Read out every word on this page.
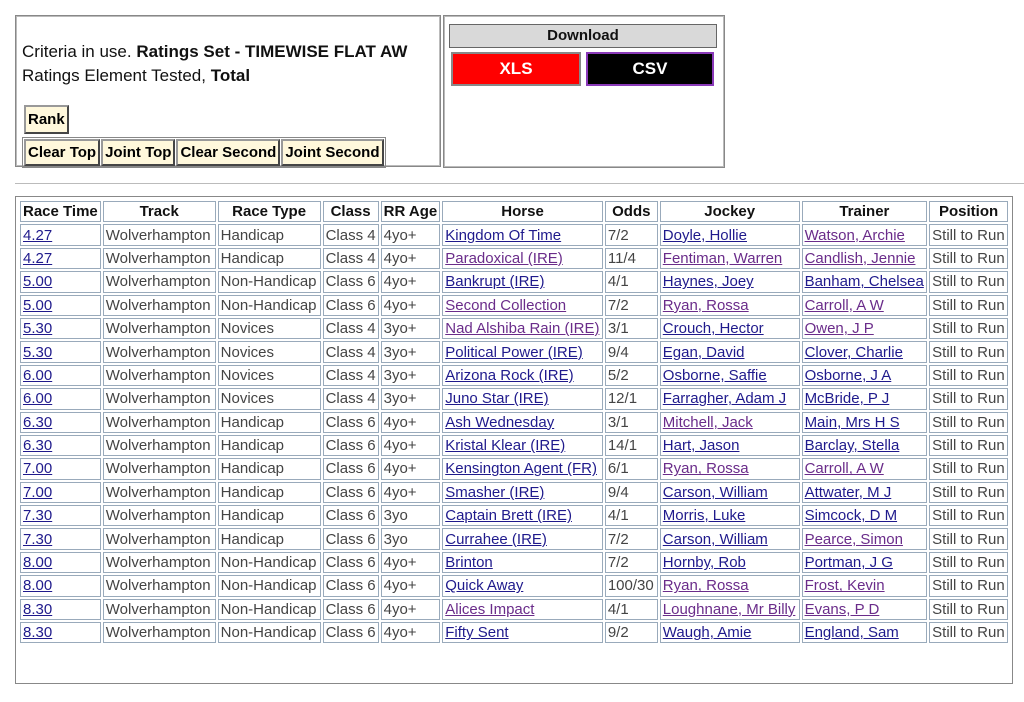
Criteria in use. Ratings Set - TIMEWISE FLAT AW
Ratings Element Tested, Total
Rank
Clear Top Joint Top Clear Second Joint Second
Download
XLS	CSV
Race Time	Track	Race Type	Class	RR Age	Horse	Odds	Jockey	Trainer	Position
4.27	Wolverhampton	Handicap	Class 4	4yo+	Kingdom Of Time	7/2	Doyle, Hollie	Watson, Archie	Still to Run
4.27	Wolverhampton	Handicap	Class 4	4yo+	Paradoxical (IRE)	11/4	Fentiman, Warren	Candlish, Jennie	Still to Run
5.00	Wolverhampton	Non-Handicap	Class 6	4yo+	Bankrupt (IRE)	4/1	Haynes, Joey	Banham, Chelsea	Still to Run
5.00	Wolverhampton	Non-Handicap	Class 6	4yo+	Second Collection	7/2	Ryan, Rossa	Carroll, A W	Still to Run
5.30	Wolverhampton	Novices	Class 4	3yo+	Nad Alshiba Rain (IRE)	3/1	Crouch, Hector	Owen, J P	Still to Run
5.30	Wolverhampton	Novices	Class 4	3yo+	Political Power (IRE)	9/4	Egan, David	Clover, Charlie	Still to Run
6.00	Wolverhampton	Novices	Class 4	3yo+	Arizona Rock (IRE)	5/2	Osborne, Saffie	Osborne, J A	Still to Run
6.00	Wolverhampton	Novices	Class 4	3yo+	Juno Star (IRE)	12/1	Farragher, Adam J	McBride, P J	Still to Run
6.30	Wolverhampton	Handicap	Class 6	4yo+	Ash Wednesday	3/1	Mitchell, Jack	Main, Mrs H S	Still to Run
6.30	Wolverhampton	Handicap	Class 6	4yo+	Kristal Klear (IRE)	14/1	Hart, Jason	Barclay, Stella	Still to Run
7.00	Wolverhampton	Handicap	Class 6	4yo+	Kensington Agent (FR)	6/1	Ryan, Rossa	Carroll, A W	Still to Run
7.00	Wolverhampton	Handicap	Class 6	4yo+	Smasher (IRE)	9/4	Carson, William	Attwater, M J	Still to Run
7.30	Wolverhampton	Handicap	Class 6	3yo	Captain Brett (IRE)	4/1	Morris, Luke	Simcock, D M	Still to Run
7.30	Wolverhampton	Handicap	Class 6	3yo	Currahee (IRE)	7/2	Carson, William	Pearce, Simon	Still to Run
8.00	Wolverhampton	Non-Handicap	Class 6	4yo+	Brinton	7/2	Hornby, Rob	Portman, J G	Still to Run
8.00	Wolverhampton	Non-Handicap	Class 6	4yo+	Quick Away	100/30	Ryan, Rossa	Frost, Kevin	Still to Run
8.30	Wolverhampton	Non-Handicap	Class 6	4yo+	Alices Impact	4/1	Loughnane, Mr Billy	Evans, P D	Still to Run
8.30	Wolverhampton	Non-Handicap	Class 6	4yo+	Fifty Sent	9/2	Waugh, Amie	England, Sam	Still to Run
